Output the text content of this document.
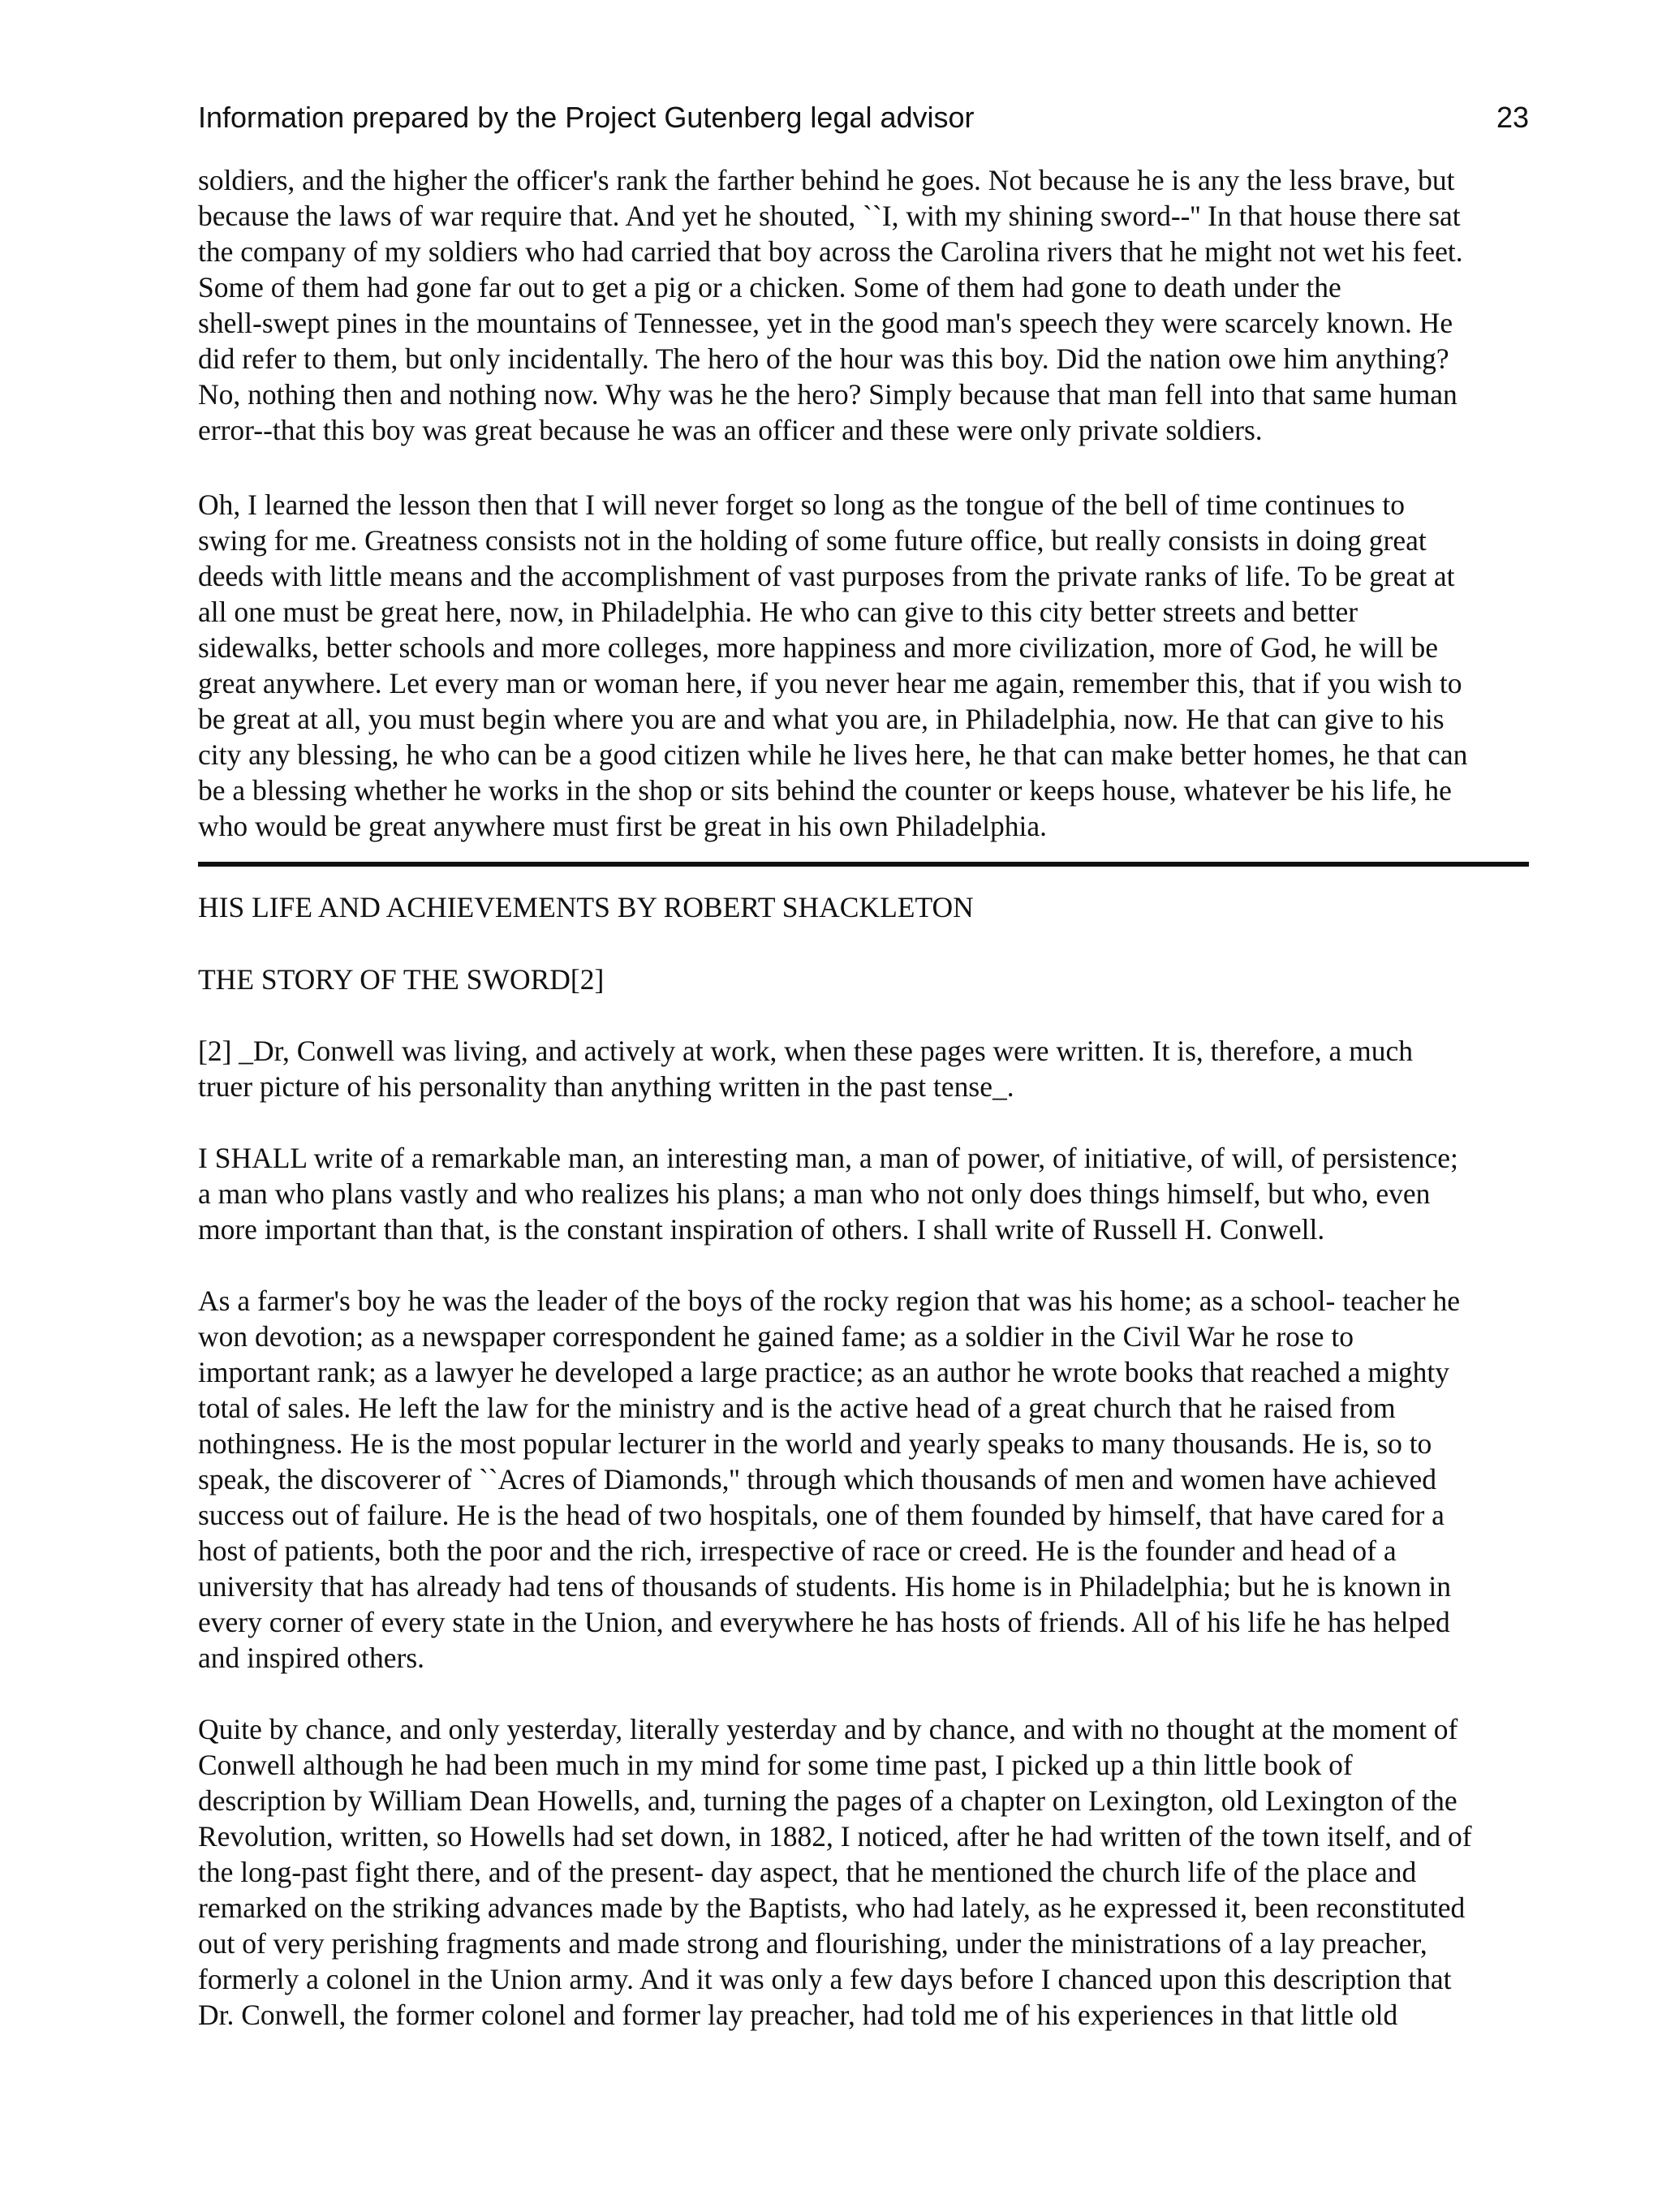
Information prepared by the Project Gutenberg legal advisor	23

soldiers, and the higher the officer's rank the farther behind he goes. Not because he is any the less brave, but
because the laws of war require that. And yet he shouted, ``I, with my shining sword--'' In that house there sat
the company of my soldiers who had carried that boy across the Carolina rivers that he might not wet his feet.
Some of them had gone far out to get a pig or a chicken. Some of them had gone to death under the
shell-swept pines in the mountains of Tennessee, yet in the good man's speech they were scarcely known. He
did refer to them, but only incidentally. The hero of the hour was this boy. Did the nation owe him anything?
No, nothing then and nothing now. Why was he the hero? Simply because that man fell into that same human
error--that this boy was great because he was an officer and these were only private soldiers.

Oh, I learned the lesson then that I will never forget so long as the tongue of the bell of time continues to
swing for me. Greatness consists not in the holding of some future office, but really consists in doing great
deeds with little means and the accomplishment of vast purposes from the private ranks of life. To be great at
all one must be great here, now, in Philadelphia. He who can give to this city better streets and better
sidewalks, better schools and more colleges, more happiness and more civilization, more of God, he will be
great anywhere. Let every man or woman here, if you never hear me again, remember this, that if you wish to
be great at all, you must begin where you are and what you are, in Philadelphia, now. He that can give to his
city any blessing, he who can be a good citizen while he lives here, he that can make better homes, he that can
be a blessing whether he works in the shop or sits behind the counter or keeps house, whatever be his life, he
who would be great anywhere must first be great in his own Philadelphia.

HIS LIFE AND ACHIEVEMENTS BY ROBERT SHACKLETON

THE STORY OF THE SWORD[2]

[2] _Dr, Conwell was living, and actively at work, when these pages were written. It is, therefore, a much
truer picture of his personality than anything written in the past tense_.

I SHALL write of a remarkable man, an interesting man, a man of power, of initiative, of will, of persistence;
a man who plans vastly and who realizes his plans; a man who not only does things himself, but who, even
more important than that, is the constant inspiration of others. I shall write of Russell H. Conwell.

As a farmer's boy he was the leader of the boys of the rocky region that was his home; as a school- teacher he
won devotion; as a newspaper correspondent he gained fame; as a soldier in the Civil War he rose to
important rank; as a lawyer he developed a large practice; as an author he wrote books that reached a mighty
total of sales. He left the law for the ministry and is the active head of a great church that he raised from
nothingness. He is the most popular lecturer in the world and yearly speaks to many thousands. He is, so to
speak, the discoverer of ``Acres of Diamonds,'' through which thousands of men and women have achieved
success out of failure. He is the head of two hospitals, one of them founded by himself, that have cared for a
host of patients, both the poor and the rich, irrespective of race or creed. He is the founder and head of a
university that has already had tens of thousands of students. His home is in Philadelphia; but he is known in
every corner of every state in the Union, and everywhere he has hosts of friends. All of his life he has helped
and inspired others.

Quite by chance, and only yesterday, literally yesterday and by chance, and with no thought at the moment of
Conwell although he had been much in my mind for some time past, I picked up a thin little book of
description by William Dean Howells, and, turning the pages of a chapter on Lexington, old Lexington of the
Revolution, written, so Howells had set down, in 1882, I noticed, after he had written of the town itself, and of
the long-past fight there, and of the present- day aspect, that he mentioned the church life of the place and
remarked on the striking advances made by the Baptists, who had lately, as he expressed it, been reconstituted
out of very perishing fragments and made strong and flourishing, under the ministrations of a lay preacher,
formerly a colonel in the Union army. And it was only a few days before I chanced upon this description that
Dr. Conwell, the former colonel and former lay preacher, had told me of his experiences in that little old
